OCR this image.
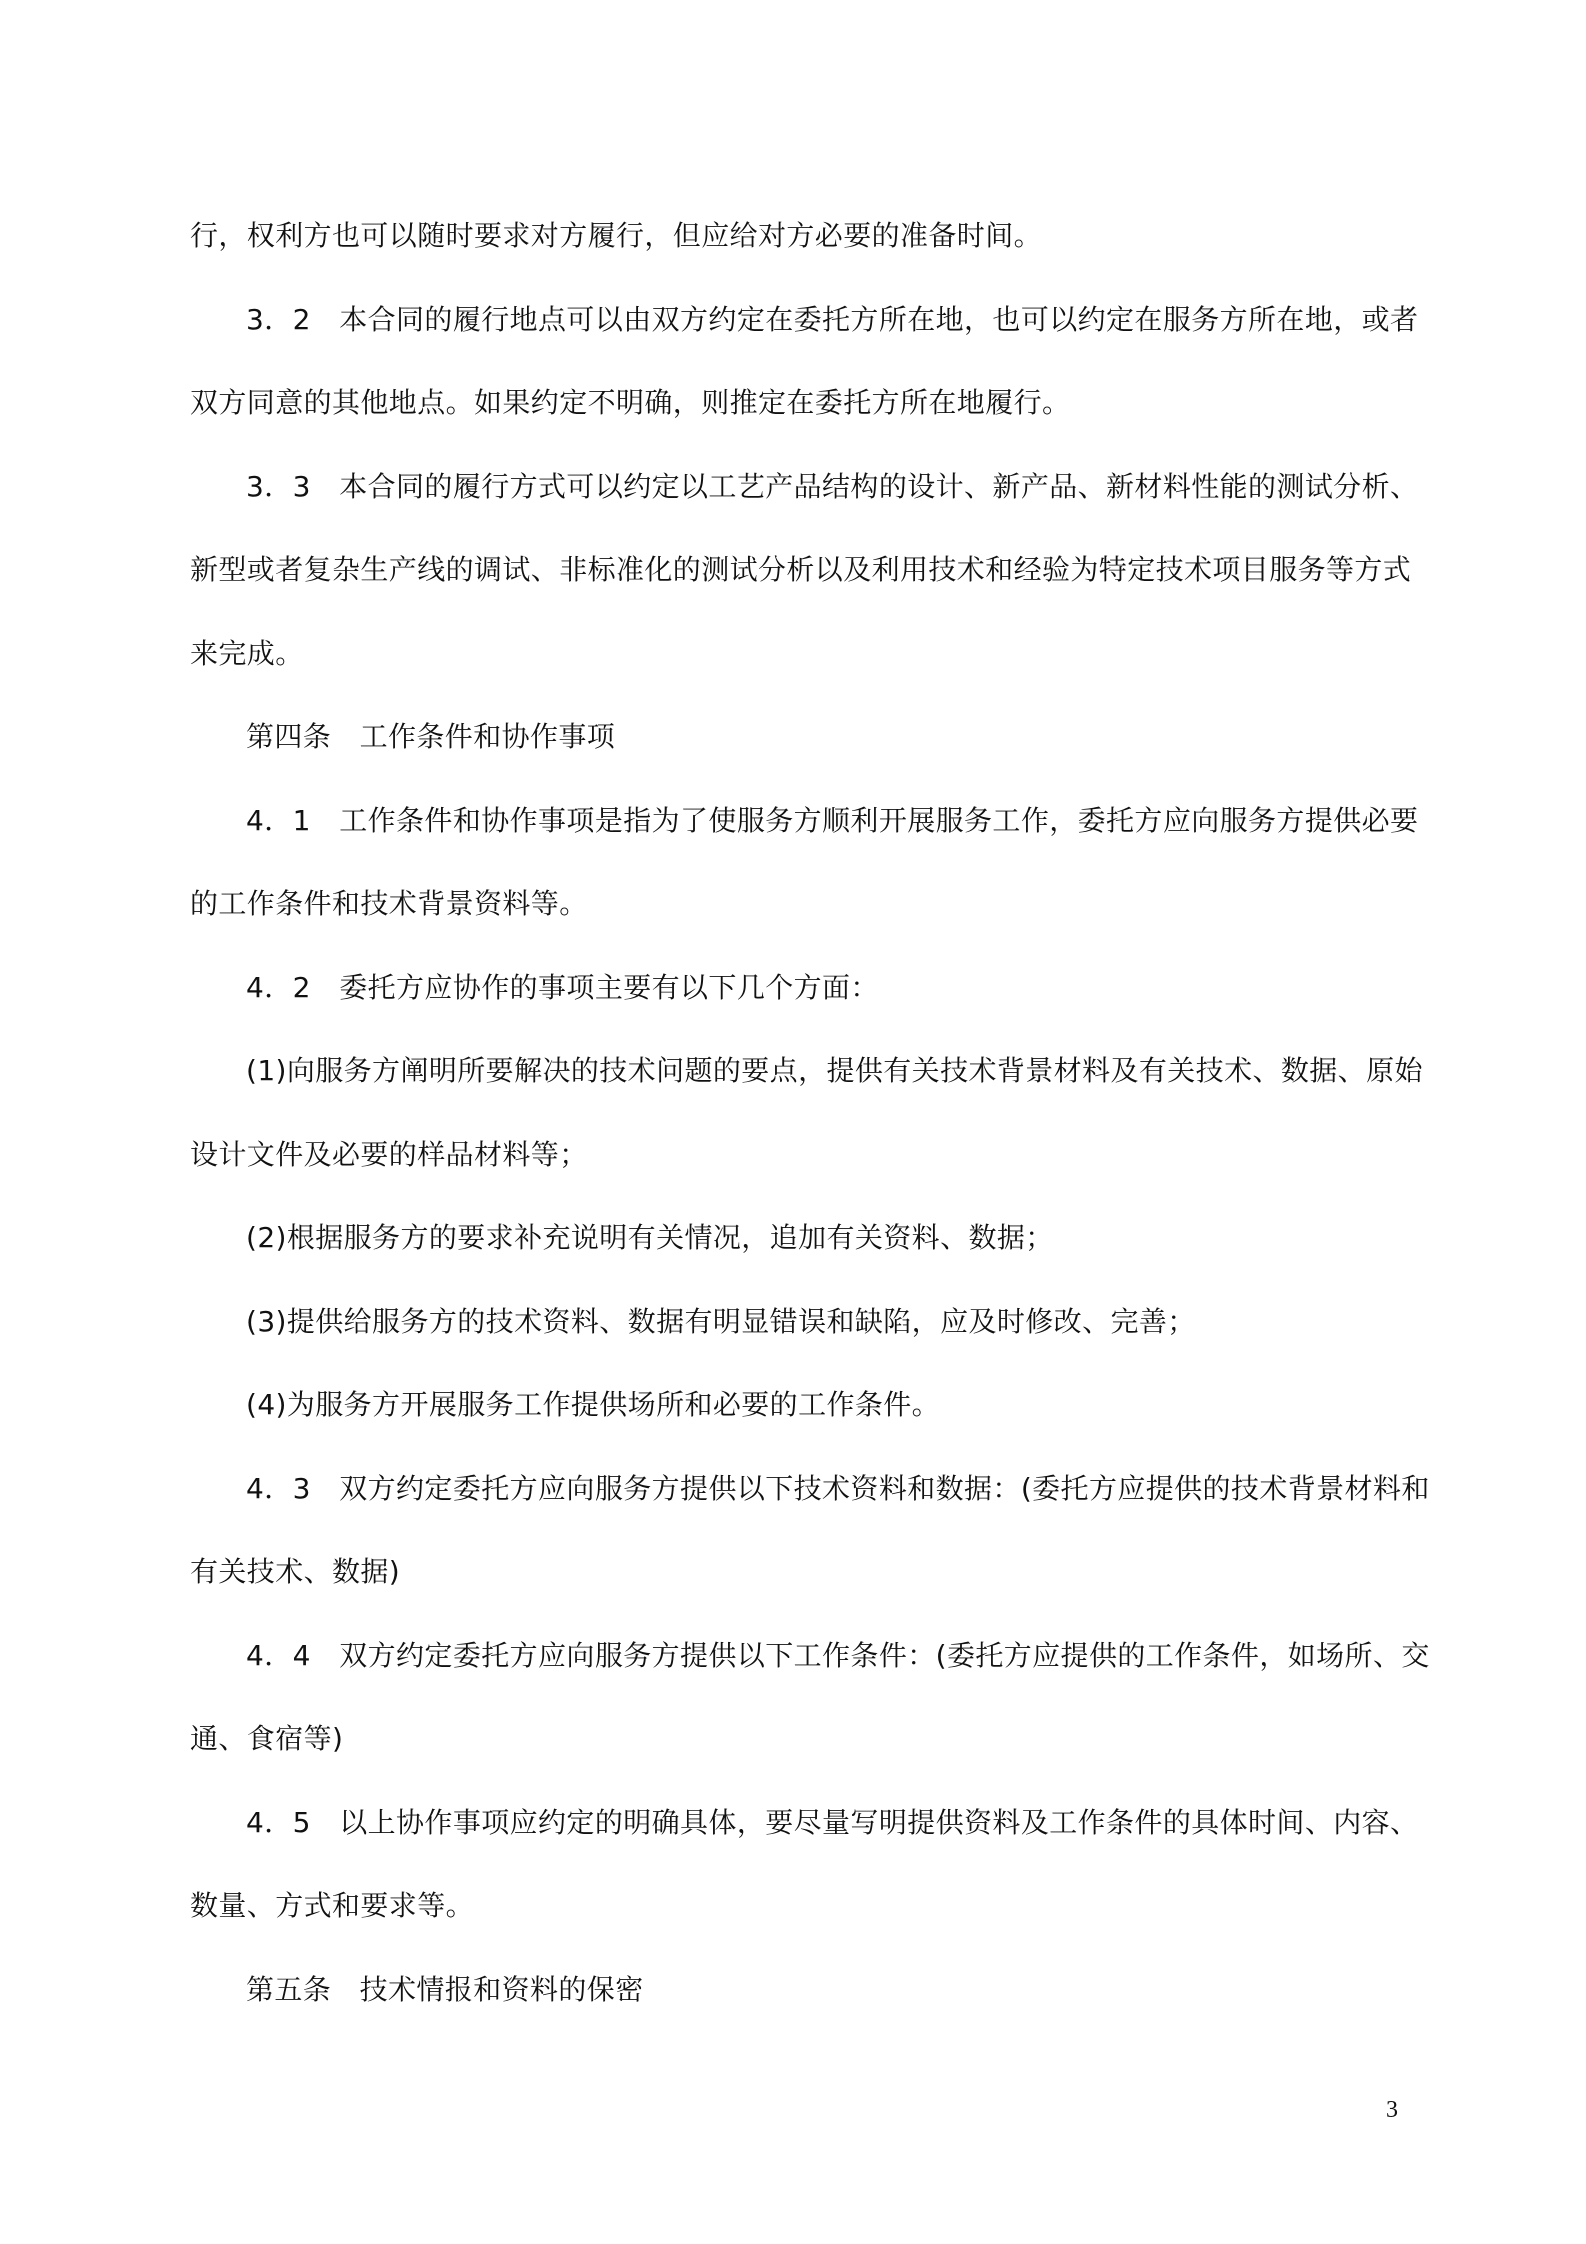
行，权利方也可以随时要求对方履行，但应给对方必要的准备时间。
3．2　本合同的履行地点可以由双方约定在委托方所在地，也可以约定在服务方所在地，或者
双方同意的其他地点。如果约定不明确，则推定在委托方所在地履行。
3．3　本合同的履行方式可以约定以工艺产品结构的设计、新产品、新材料性能的测试分析、
新型或者复杂生产线的调试、非标准化的测试分析以及利用技术和经验为特定技术项目服务等方式
来完成。
第四条　工作条件和协作事项
4．1　工作条件和协作事项是指为了使服务方顺利开展服务工作，委托方应向服务方提供必要
的工作条件和技术背景资料等。
4．2　委托方应协作的事项主要有以下几个方面：
(1)向服务方阐明所要解决的技术问题的要点，提供有关技术背景材料及有关技术、数据、原始
设计文件及必要的样品材料等；
(2)根据服务方的要求补充说明有关情况，追加有关资料、数据；
(3)提供给服务方的技术资料、数据有明显错误和缺陷，应及时修改、完善；
(4)为服务方开展服务工作提供场所和必要的工作条件。
4．3　双方约定委托方应向服务方提供以下技术资料和数据：(委托方应提供的技术背景材料和
有关技术、数据)
4．4　双方约定委托方应向服务方提供以下工作条件：(委托方应提供的工作条件，如场所、交
通、食宿等)
4．5　以上协作事项应约定的明确具体，要尽量写明提供资料及工作条件的具体时间、内容、
数量、方式和要求等。
第五条　技术情报和资料的保密
3
